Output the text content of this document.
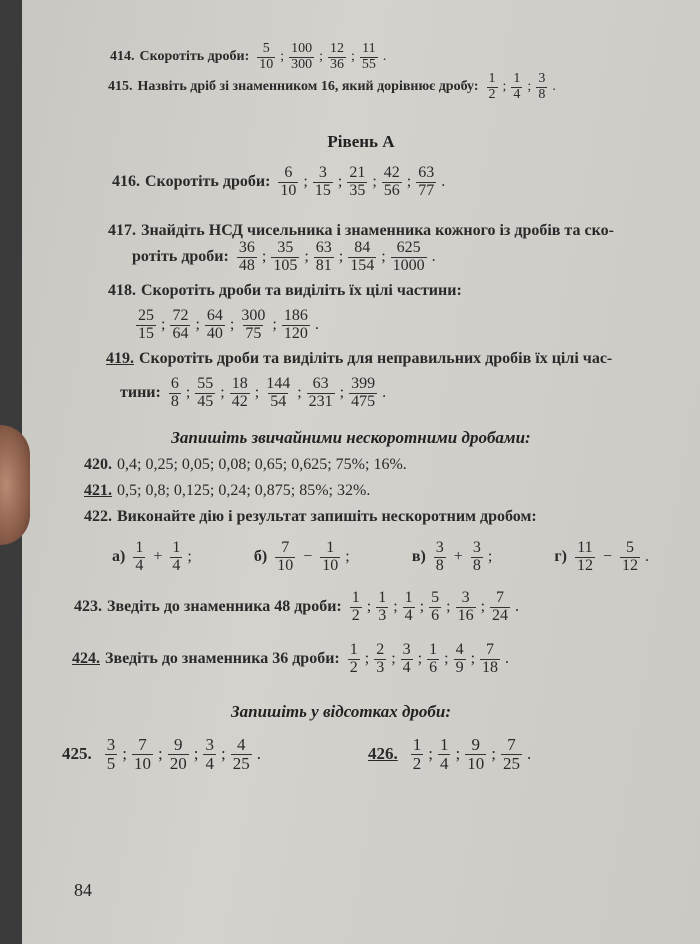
414. Скоротіть дроби: $\frac{5}{10}$ ; $\frac{100}{300}$ ; $\frac{12}{36}$ ; $\frac{11}{55}$ .
415. Назвіть дріб зі знаменником 16, який дорівнює дробу: $\frac{1}{2}$ ; $\frac{1}{4}$ ; $\frac{3}{8}$ .
Рівень А
416. Скоротіть дроби: $\frac{6}{10}$ ; $\frac{3}{15}$ ; $\frac{21}{35}$ ; $\frac{42}{56}$ ; $\frac{63}{77}$ .
417. Знайдіть НСД чисельника і знаменника кожного із дробів та ско-
ротіть дроби: $\frac{36}{48}$ ; $\frac{35}{105}$ ; $\frac{63}{81}$ ; $\frac{84}{154}$ ; $\frac{625}{1000}$ .
418. Скоротіть дроби та виділіть їх цілі частини:
$\frac{25}{15}$ ; $\frac{72}{64}$ ; $\frac{64}{40}$ ; $\frac{300}{75}$ ; $\frac{186}{120}$ .
419. Скоротіть дроби та виділіть для неправильних дробів їх цілі час-
тини: $\frac{6}{8}$ ; $\frac{55}{45}$ ; $\frac{18}{42}$ ; $\frac{144}{54}$ ; $\frac{63}{231}$ ; $\frac{399}{475}$ .
Запишіть звичайними нескоротними дробами:
420. 0,4; 0,25; 0,05; 0,08; 0,65; 0,625; 75%; 16%.
421. 0,5; 0,8; 0,125; 0,24; 0,875; 85%; 32%.
422. Виконайте дію і результат запишіть нескоротним дробом:
$а) \frac{1}{4} + \frac{1}{4}$ ;	$б) \frac{7}{10} - \frac{1}{10}$ ;	$в) \frac{3}{8} + \frac{3}{8}$ ;	$г) \frac{11}{12} - \frac{5}{12}$ .
423. Зведіть до знаменника 48 дроби: $\frac{1}{2}$ ; $\frac{1}{3}$ ; $\frac{1}{4}$ ; $\frac{5}{6}$ ; $\frac{3}{16}$ ; $\frac{7}{24}$ .
424. Зведіть до знаменника 36 дроби: $\frac{1}{2}$ ; $\frac{2}{3}$ ; $\frac{3}{4}$ ; $\frac{1}{6}$ ; $\frac{4}{9}$ ; $\frac{7}{18}$ .
Запишіть у відсотках дроби:
425. $\frac{3}{5}$ ; $\frac{7}{10}$ ; $\frac{9}{20}$ ; $\frac{3}{4}$ ; $\frac{4}{25}$ .	426. $\frac{1}{2}$ ; $\frac{1}{4}$ ; $\frac{9}{10}$ ; $\frac{7}{25}$ .
84
